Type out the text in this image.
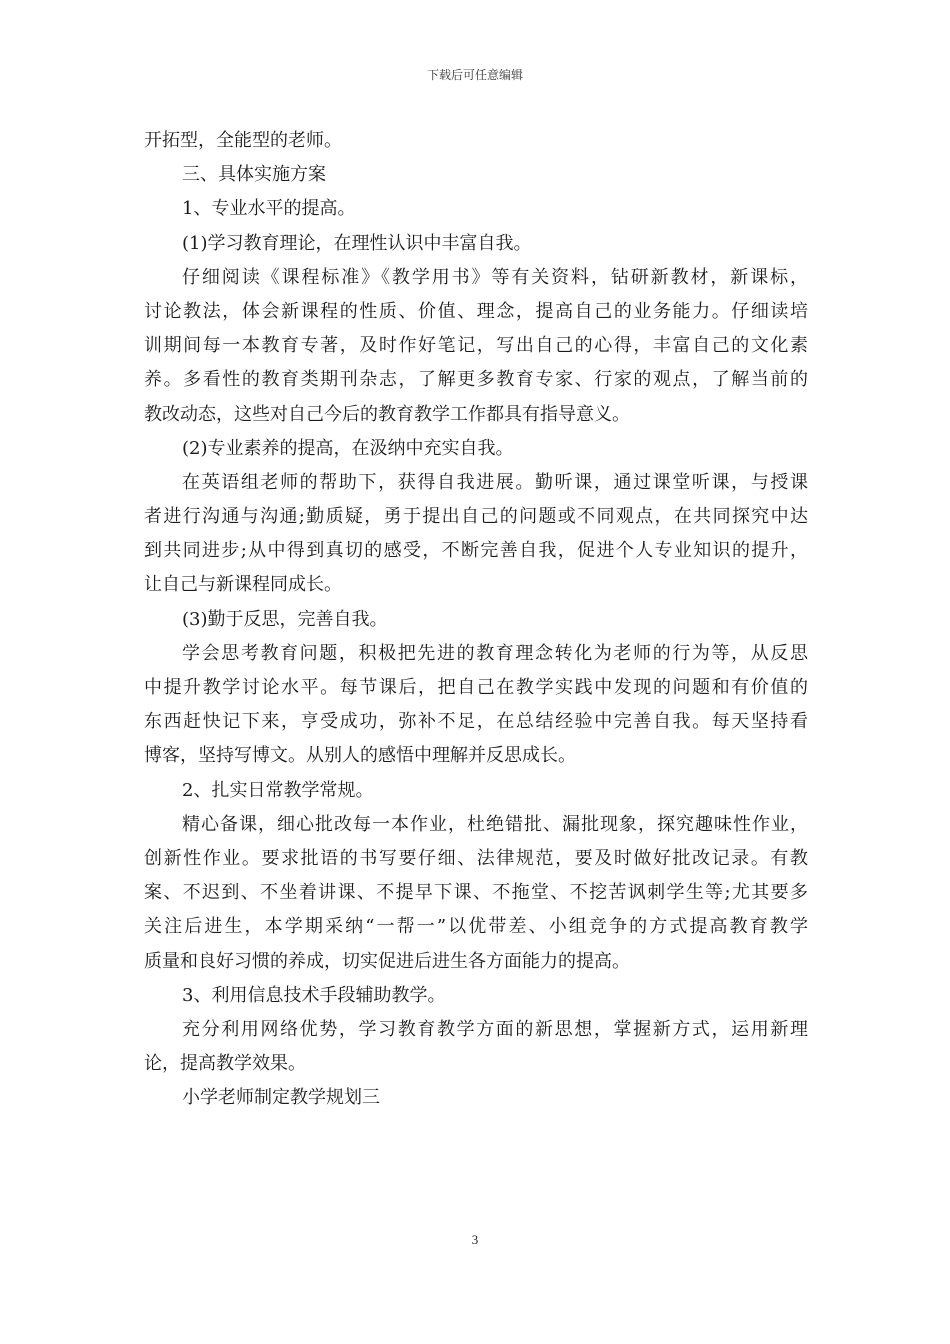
下载后可任意编辑
开拓型，全能型的老师。
三、具体实施方案
1、专业水平的提高。
(1)学习教育理论，在理性认识中丰富自我。
仔细阅读《课程标准》《教学用书》等有关资料，钻研新教材，新课标，
讨论教法，体会新课程的性质、价值、理念，提高自己的业务能力。仔细读培
训期间每一本教育专著，及时作好笔记，写出自己的心得，丰富自己的文化素
养。多看性的教育类期刊杂志，了解更多教育专家、行家的观点，了解当前的
教改动态，这些对自己今后的教育教学工作都具有指导意义。
(2)专业素养的提高，在汲纳中充实自我。
在英语组老师的帮助下，获得自我进展。勤听课，通过课堂听课，与授课
者进行沟通与沟通;勤质疑，勇于提出自己的问题或不同观点，在共同探究中达
到共同进步;从中得到真切的感受，不断完善自我，促进个人专业知识的提升，
让自己与新课程同成长。
(3)勤于反思，完善自我。
学会思考教育问题，积极把先进的教育理念转化为老师的行为等，从反思
中提升教学讨论水平。每节课后，把自己在教学实践中发现的问题和有价值的
东西赶快记下来，亨受成功，弥补不足，在总结经验中完善自我。每天坚持看
博客，坚持写博文。从别人的感悟中理解并反思成长。
2、扎实日常教学常规。
精心备课，细心批改每一本作业，杜绝错批、漏批现象，探究趣味性作业，
创新性作业。要求批语的书写要仔细、法律规范，要及时做好批改记录。有教
案、不迟到、不坐着讲课、不提早下课、不拖堂、不挖苦讽刺学生等;尤其要多
关注后进生，本学期采纳“一帮一”以优带差、小组竞争的方式提高教育教学
质量和良好习惯的养成，切实促进后进生各方面能力的提高。
3、利用信息技术手段辅助教学。
充分利用网络优势，学习教育教学方面的新思想，掌握新方式，运用新理
论，提高教学效果。
小学老师制定教学规划三
3
